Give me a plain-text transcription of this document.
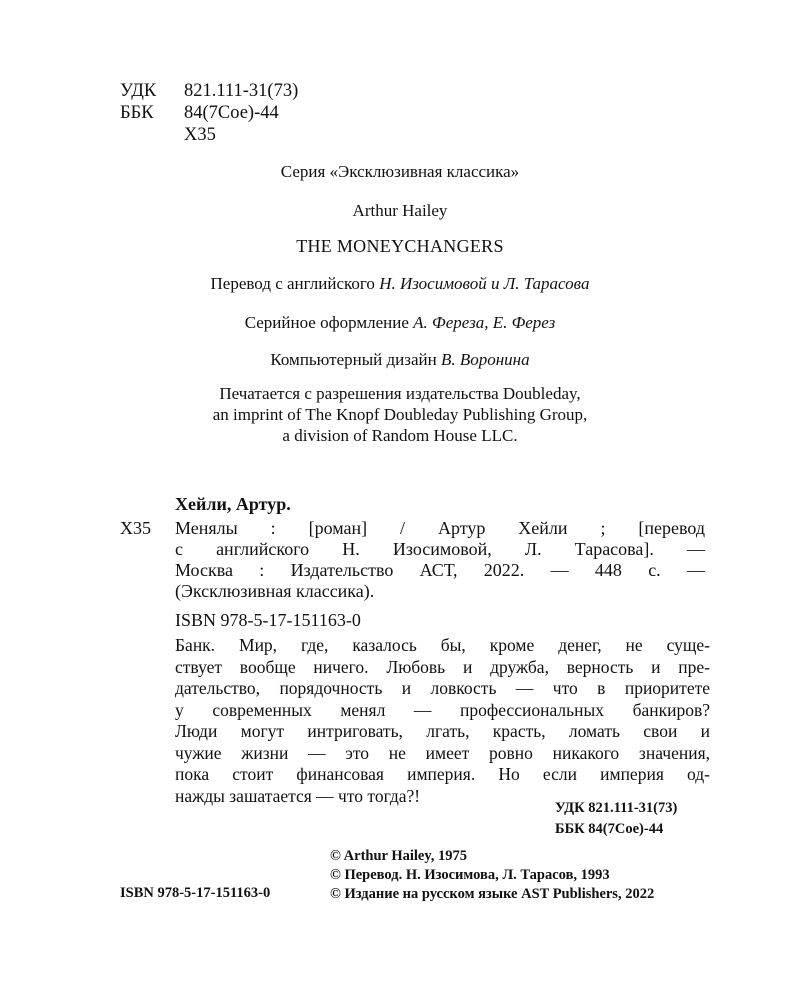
УДК	821.111-31(73)
ББК	84(7Сое)-44
Х35
Серия «Эксклюзивная классика»
Arthur Hailey
THE MONEYCHANGERS
Перевод с английского Н. Изосимовой и Л. Тарасова
Серийное оформление А. Фереза, Е. Ферез
Компьютерный дизайн В. Воронина
Печатается с разрешения издательства Doubleday,
an imprint of The Knopf Doubleday Publishing Group,
a division of Random House LLC.
Хейли, Артур.
Х35 Менялы : [роман] / Артур Хейли ; [перевод
с английского Н. Изосимовой, Л. Тарасова]. —
Москва : Издательство АСТ, 2022. — 448 с. —
(Эксклюзивная классика).
ISBN 978-5-17-151163-0
Банк. Мир, где, казалось бы, кроме денег, не суще-
ствует вообще ничего. Любовь и дружба, верность и пре-
дательство, порядочность и ловкость — что в приоритете
у современных менял — профессиональных банкиров?
Люди могут интриговать, лгать, красть, ломать свои и
чужие жизни — это не имеет ровно никакого значения,
пока стоит финансовая империя. Но если империя од-
нажды зашатается — что тогда?!
УДК 821.111-31(73)
ББК 84(7Сое)-44
© Arthur Hailey, 1975
© Перевод. Н. Изосимова, Л. Тарасов, 1993
© Издание на русском языке AST Publishers, 2022
ISBN 978-5-17-151163-0
